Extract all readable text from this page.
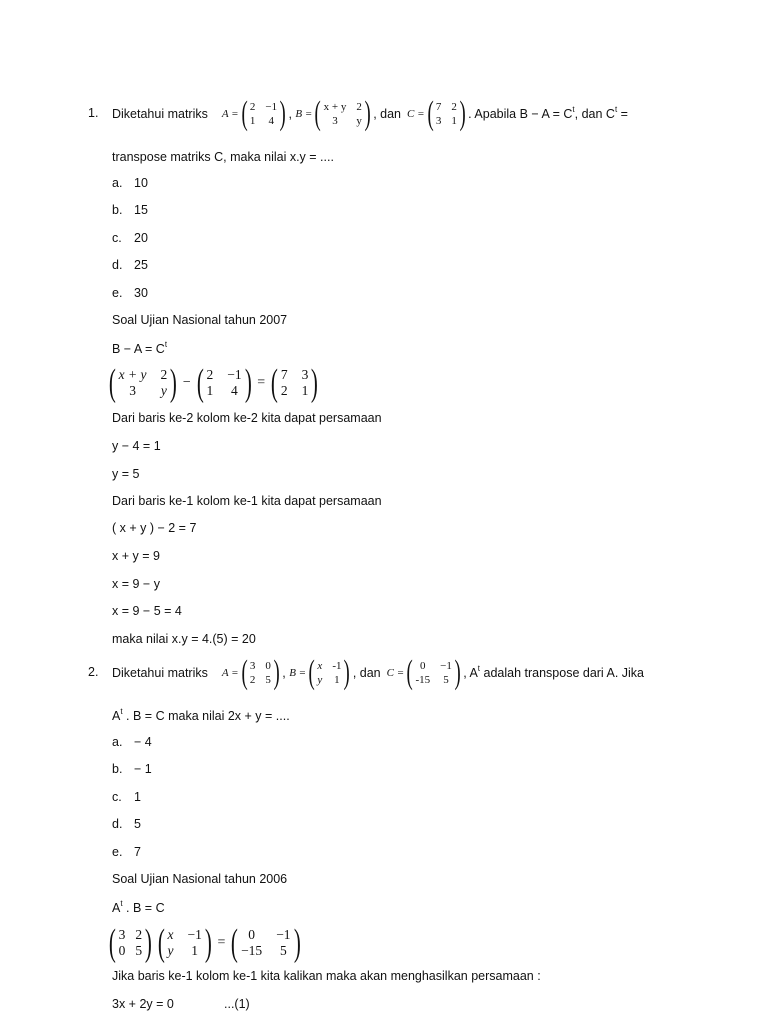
1. Diketahui matriks A = ( 2 −1
1 4 ) , B = ( x + y 2
3	y ) , dan C = ( 7 2
3 1 ) . Apabila $B - A = C^t$, dan $C^t$ =
transpose matriks C, maka nilai x.y = ....
a. 10
b. 15
c. 20
d. 25
e. 30
Soal Ujian Nasional tahun 2007
$B - A = C^t$
( x + y 2
3	y ) − ( 2 −1
1 4 ) = ( 7 3
2 1 )
Dari baris ke-2 kolom ke-2 kita dapat persamaan
y − 4 = 1
y = 5
Dari baris ke-1 kolom ke-1 kita dapat persamaan
( x + y ) − 2 = 7
x + y = 9
x = 9 − y
x = 9 − 5 = 4
maka nilai x.y = 4.(5) = 20
2. Diketahui matriks A = ( 3 0
2 5 ) , B = ( x -1
y 1 ) , dan C = ( 0	−1
-15 5 ) , $A^t$ adalah transpose dari A. Jika
$A^t$ . B = C maka nilai 2x + y = ....
a. − 4
b. − 1
c. 1
d. 5
e. 7
Soal Ujian Nasional tahun 2006
$A^t$ . B = C
( 3 2
0 5 ) ( x −1
y 1 ) = ( 0	−1
−15 5 )
Jika baris ke-1 kolom ke-1 kita kalikan maka akan menghasilkan persamaan :
3x + 2y = 0	...(1)
